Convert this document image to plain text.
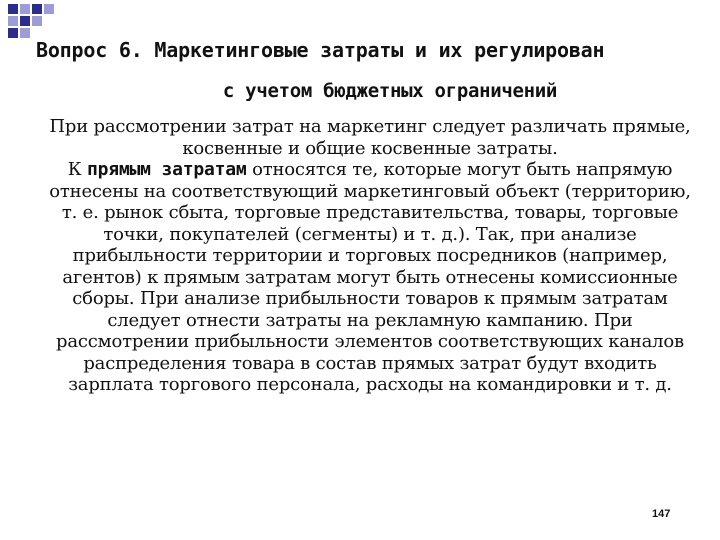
Вопрос 6. Маркетинговые затраты и их регулирован
с учетом бюджетных ограничений

При рассмотрении затрат на маркетинг следует различать прямые, косвенные и общие косвенные затраты.

К прямым затратам относятся те, которые могут быть напрямую отнесены на соответствующий маркетинговый объект (территорию, т. е. рынок сбыта, торговые представительства, товары, торговые точки, покупателей (сегменты) и т. д.). Так, при анализе прибыльности территории и торговых посредников (например, агентов) к прямым затратам могут быть отнесены комиссионные сборы. При анализе прибыльности товаров к прямым затратам следует отнести затраты на рекламную кампанию. При рассмотрении прибыльности элементов соответствующих каналов распределения товара в состав прямых затрат будут входить зарплата торгового персонала, расходы на командировки и т. д.

147
